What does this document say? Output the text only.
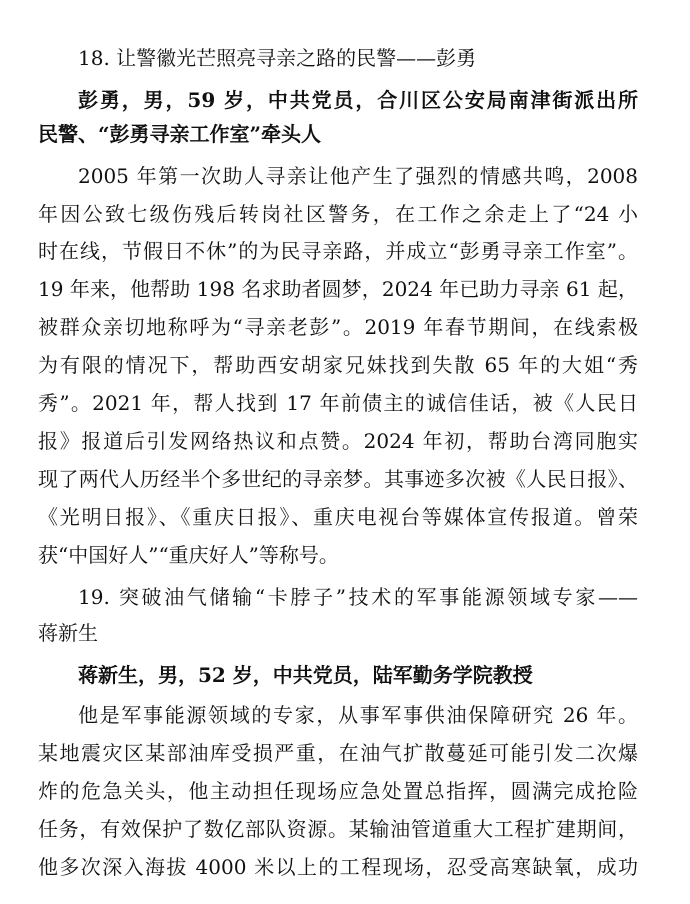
18. 让警徽光芒照亮寻亲之路的民警——彭勇
彭勇，男，59 岁，中共党员，合川区公安局南津街派出所
民警、“彭勇寻亲工作室”牵头人
2005 年第一次助人寻亲让他产生了强烈的情感共鸣，2008
年因公致七级伤残后转岗社区警务，在工作之余走上了“24 小
时在线，节假日不休”的为民寻亲路，并成立“彭勇寻亲工作室”。
19 年来，他帮助 198 名求助者圆梦，2024 年已助力寻亲 61 起，
被群众亲切地称呼为“寻亲老彭”。2019 年春节期间，在线索极
为有限的情况下，帮助西安胡家兄妹找到失散 65 年的大姐“秀
秀”。2021 年，帮人找到 17 年前债主的诚信佳话，被《人民日
报》报道后引发网络热议和点赞。2024 年初，帮助台湾同胞实
现了两代人历经半个多世纪的寻亲梦。其事迹多次被《人民日报》、
《光明日报》、《重庆日报》、重庆电视台等媒体宣传报道。曾荣
获“中国好人”“重庆好人”等称号。
19. 突破油气储输“卡脖子”技术的军事能源领域专家——
蒋新生
蒋新生，男，52 岁，中共党员，陆军勤务学院教授
他是军事能源领域的专家，从事军事供油保障研究 26 年。
某地震灾区某部油库受损严重，在油气扩散蔓延可能引发二次爆
炸的危急关头，他主动担任现场应急处置总指挥，圆满完成抢险
任务，有效保护了数亿部队资源。某输油管道重大工程扩建期间，
他多次深入海拔 4000 米以上的工程现场，忍受高寒缺氧，成功
